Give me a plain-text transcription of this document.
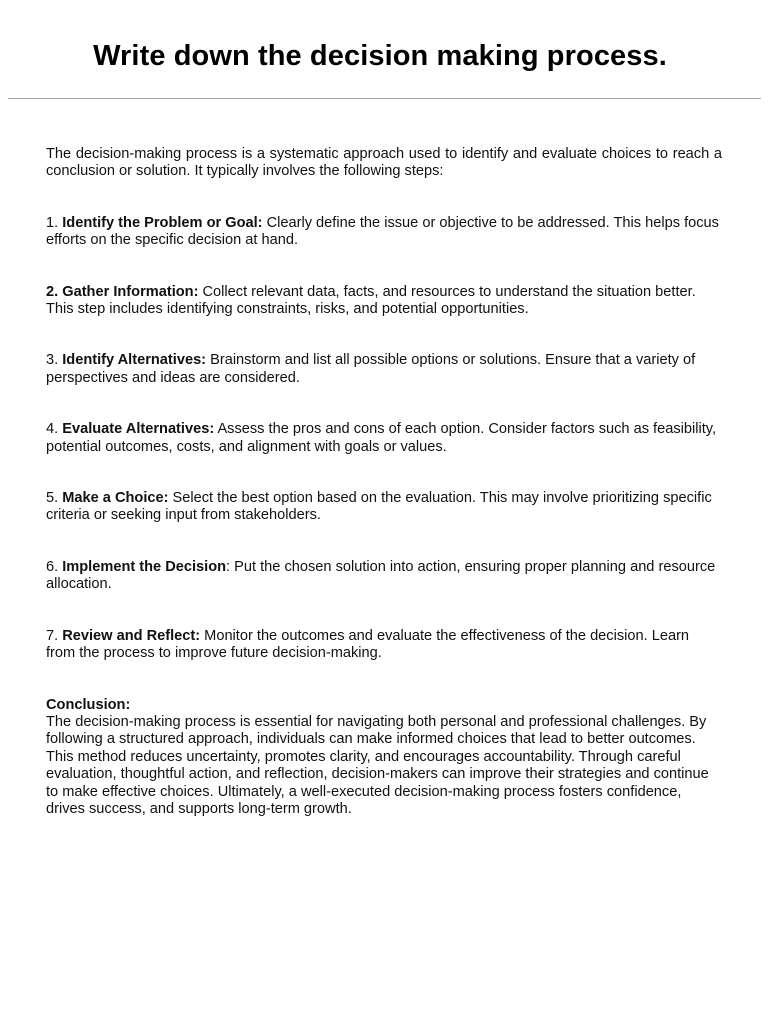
Write down the decision making process.

The decision-making process is a systematic approach used to identify and evaluate choices to reach a conclusion or solution. It typically involves the following steps:

1. Identify the Problem or Goal: Clearly define the issue or objective to be addressed. This helps focus efforts on the specific decision at hand.

2. Gather Information: Collect relevant data, facts, and resources to understand the situation better. This step includes identifying constraints, risks, and potential opportunities.

3. Identify Alternatives: Brainstorm and list all possible options or solutions. Ensure that a variety of perspectives and ideas are considered.

4. Evaluate Alternatives: Assess the pros and cons of each option. Consider factors such as feasibility, potential outcomes, costs, and alignment with goals or values.

5. Make a Choice: Select the best option based on the evaluation. This may involve prioritizing specific criteria or seeking input from stakeholders.

6. Implement the Decision: Put the chosen solution into action, ensuring proper planning and resource allocation.

7. Review and Reflect: Monitor the outcomes and evaluate the effectiveness of the decision. Learn from the process to improve future decision-making.

Conclusion:
The decision-making process is essential for navigating both personal and professional challenges. By following a structured approach, individuals can make informed choices that lead to better outcomes. This method reduces uncertainty, promotes clarity, and encourages accountability. Through careful evaluation, thoughtful action, and reflection, decision-makers can improve their strategies and continue to make effective choices. Ultimately, a well-executed decision-making process fosters confidence, drives success, and supports long-term growth.
